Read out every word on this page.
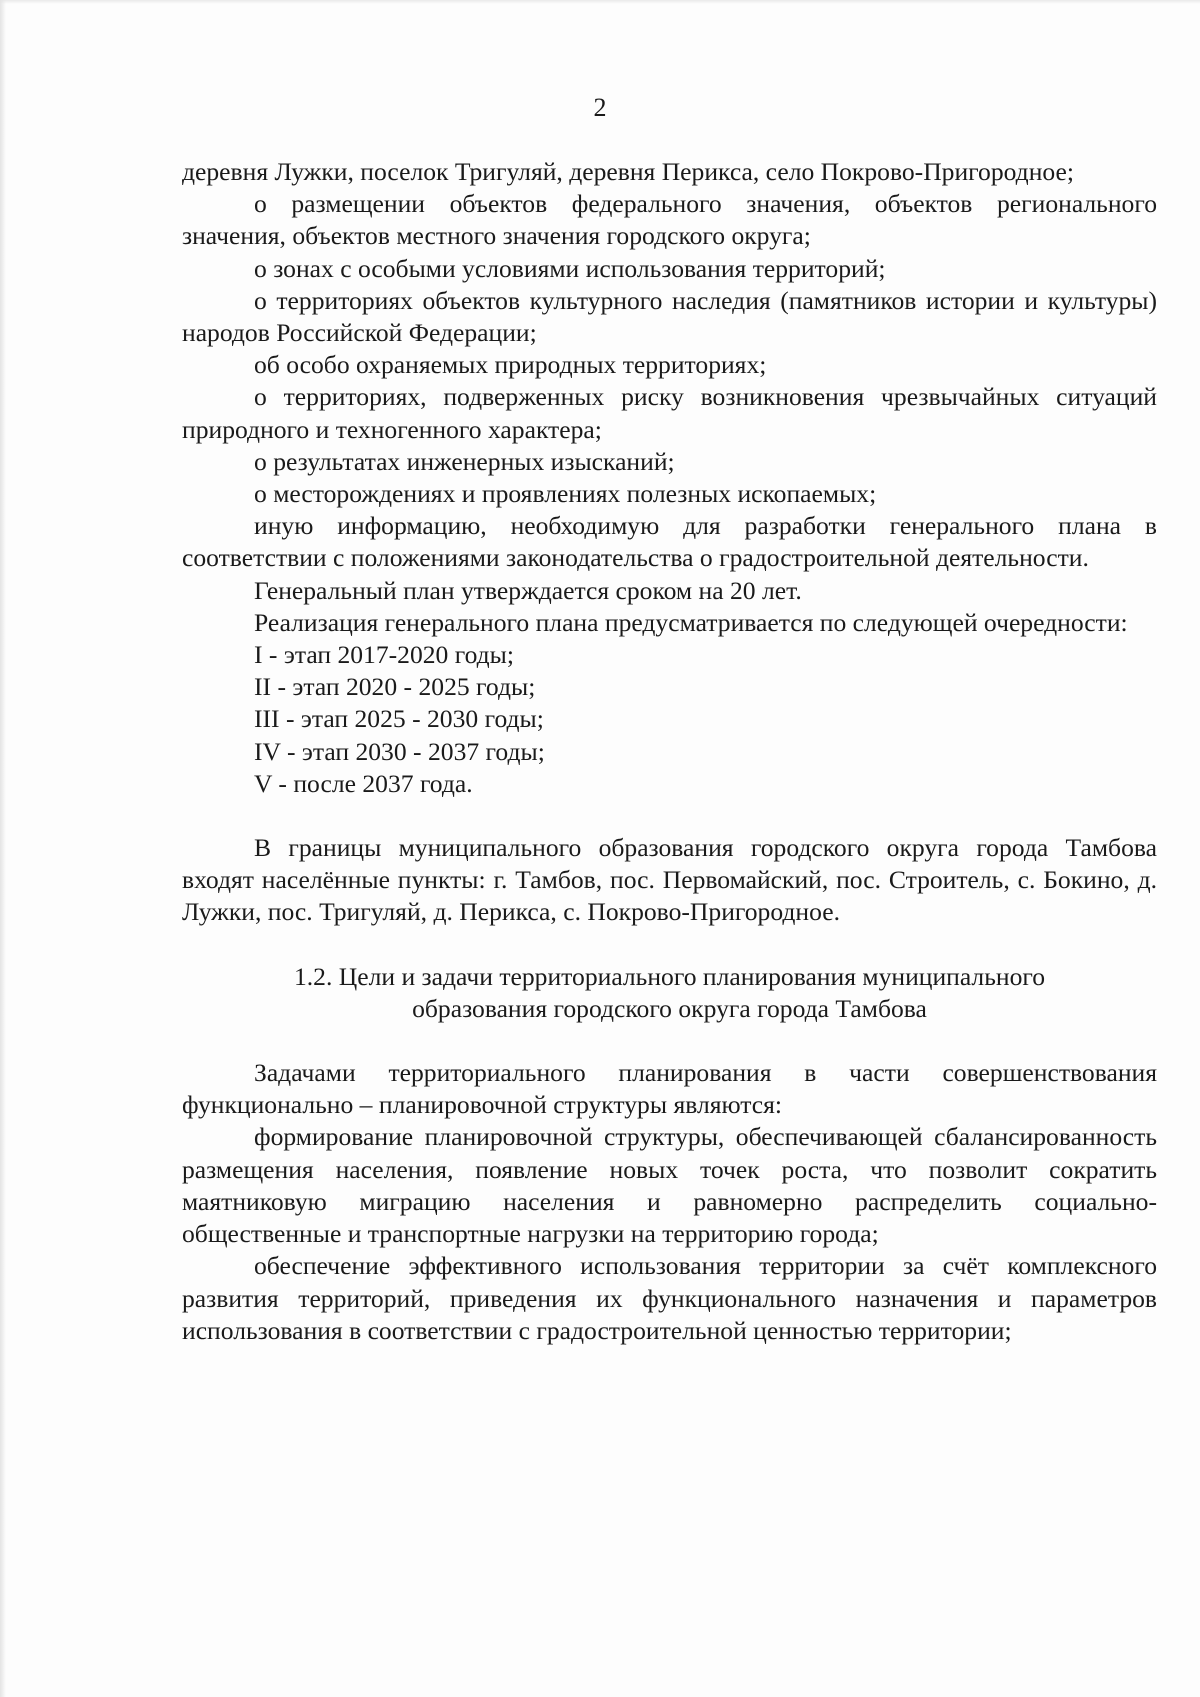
2

деревня Лужки, поселок Тригуляй, деревня Перикса, село Покрово-Пригородное;

о размещении объектов федерального значения, объектов регионального значения, объектов местного значения городского округа;

о зонах с особыми условиями использования территорий;

о территориях объектов культурного наследия (памятников истории и культуры) народов Российской Федерации;

об особо охраняемых природных территориях;

о территориях, подверженных риску возникновения чрезвычайных ситуаций природного и техногенного характера;

о результатах инженерных изысканий;

о месторождениях и проявлениях полезных ископаемых;

иную информацию, необходимую для разработки генерального плана в соответствии с положениями законодательства о градостроительной деятельности.

Генеральный план утверждается сроком на 20 лет.

Реализация генерального плана предусматривается по следующей очередности:

I - этап 2017-2020 годы;

II - этап 2020 - 2025 годы;

III - этап 2025 - 2030 годы;

IV - этап 2030 - 2037 годы;

V - после 2037 года.

В границы муниципального образования городского округа города Тамбова входят населённые пункты: г. Тамбов, пос. Первомайский, пос. Строитель, с. Бокино, д. Лужки, пос. Тригуляй, д. Перикса, с. Покрово-Пригородное.

1.2. Цели и задачи территориального планирования муниципального
образования городского округа города Тамбова

Задачами территориального планирования в части совершенствования функционально – планировочной структуры являются:

формирование планировочной структуры, обеспечивающей сбалансированность размещения населения, появление новых точек роста, что позволит сократить маятниковую миграцию населения и равномерно распределить социально-общественные и транспортные нагрузки на территорию города;

обеспечение эффективного использования территории за счёт комплексного развития территорий, приведения их функционального назначения и параметров использования в соответствии с градостроительной ценностью территории;
